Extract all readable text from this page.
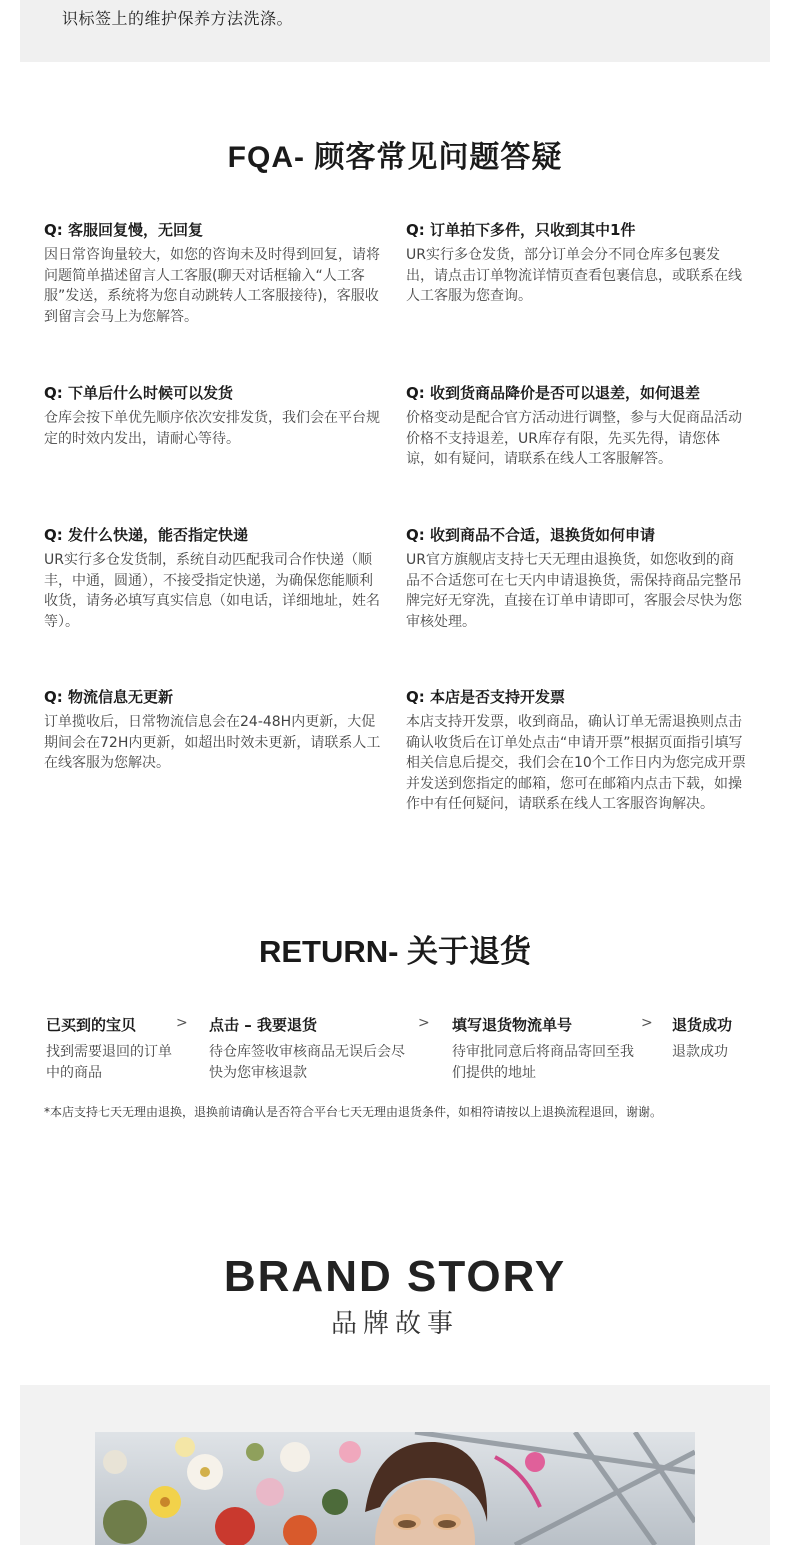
识标签上的维护保养方法洗涤。
FQA- 顾客常见问题答疑
Q: 客服回复慢，无回复
因日常咨询量较大，如您的咨询未及时得到回复，请将问题简单描述留言人工客服(聊天对话框输入“人工客服”发送，系统将为您自动跳转人工客服接待)，客服收到留言会马上为您解答。
Q: 订单拍下多件，只收到其中1件
UR实行多仓发货，部分订单会分不同仓库多包裹发出，请点击订单物流详情页查看包裹信息，或联系在线人工客服为您查询。
Q: 下单后什么时候可以发货
仓库会按下单优先顺序依次安排发货，我们会在平台规定的时效内发出，请耐心等待。
Q: 收到货商品降价是否可以退差，如何退差
价格变动是配合官方活动进行调整，参与大促商品活动价格不支持退差，UR库存有限，先买先得，请您体谅，如有疑问，请联系在线人工客服解答。
Q: 发什么快递，能否指定快递
UR实行多仓发货制，系统自动匹配我司合作快递（顺丰，中通，圆通），不接受指定快递，为确保您能顺利收货，请务必填写真实信息（如电话，详细地址，姓名等）。
Q: 收到商品不合适，退换货如何申请
UR官方旗舰店支持七天无理由退换货，如您收到的商品不合适您可在七天内申请退换货，需保持商品完整吊牌完好无穿洗，直接在订单申请即可，客服会尽快为您审核处理。
Q: 物流信息无更新
订单揽收后，日常物流信息会在24-48H内更新，大促期间会在72H内更新，如超出时效未更新，请联系人工在线客服为您解决。
Q: 本店是否支持开发票
本店支持开发票，收到商品，确认订单无需退换则点击确认收货后在订单处点击“申请开票”根据页面指引填写相关信息后提交，我们会在10个工作日内为您完成开票并发送到您指定的邮箱，您可在邮箱内点击下载，如操作中有任何疑问，请联系在线人工客服咨询解决。
RETURN- 关于退货
已买到的宝贝
找到需要退回的订单中的商品
> 点击 – 我要退货
待仓库签收审核商品无误后会尽快为您审核退款
> 填写退货物流单号
待审批同意后将商品寄回至我们提供的地址
> 退货成功
退款成功
*本店支持七天无理由退换，退换前请确认是否符合平台七天无理由退货条件，如相符请按以上退换流程退回，谢谢。
BRAND STORY
品牌故事
